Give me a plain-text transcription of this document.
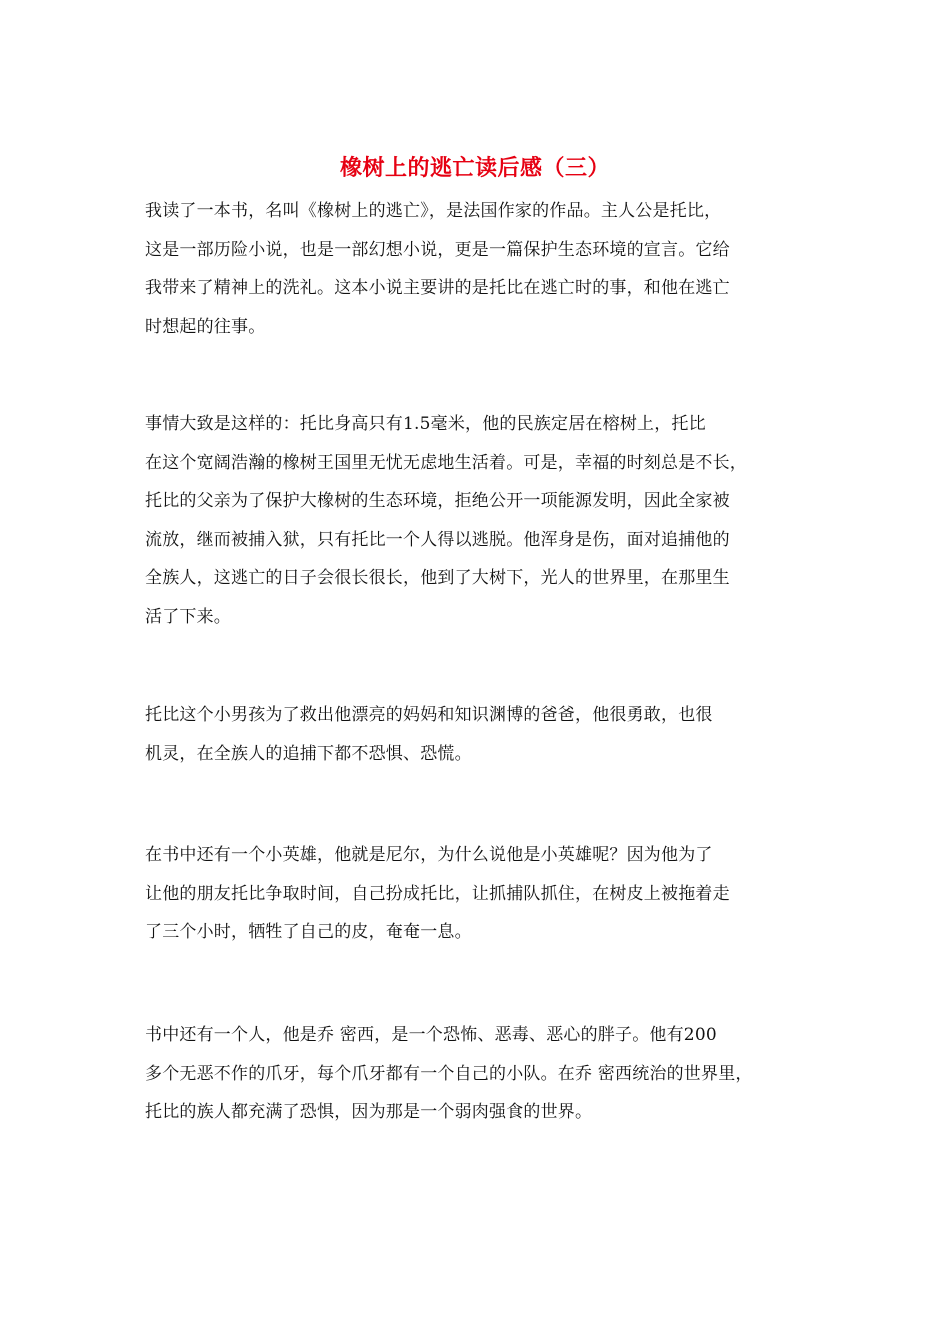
橡树上的逃亡读后感（三）

我读了一本书，名叫《橡树上的逃亡》，是法国作家的作品。主人公是托比，
这是一部历险小说，也是一部幻想小说，更是一篇保护生态环境的宣言。它给
我带来了精神上的洗礼。这本小说主要讲的是托比在逃亡时的事，和他在逃亡
时想起的往事。

事情大致是这样的：托比身高只有1.5毫米，他的民族定居在榕树上，托比
在这个宽阔浩瀚的橡树王国里无忧无虑地生活着。可是，幸福的时刻总是不长，
托比的父亲为了保护大橡树的生态环境，拒绝公开一项能源发明，因此全家被
流放，继而被捕入狱，只有托比一个人得以逃脱。他浑身是伤，面对追捕他的
全族人，这逃亡的日子会很长很长，他到了大树下，光人的世界里，在那里生
活了下来。

托比这个小男孩为了救出他漂亮的妈妈和知识渊博的爸爸，他很勇敢，也很
机灵，在全族人的追捕下都不恐惧、恐慌。

在书中还有一个小英雄，他就是尼尔，为什么说他是小英雄呢？因为他为了
让他的朋友托比争取时间，自己扮成托比，让抓捕队抓住，在树皮上被拖着走
了三个小时，牺牲了自己的皮，奄奄一息。

书中还有一个人，他是乔 密西，是一个恐怖、恶毒、恶心的胖子。他有200
多个无恶不作的爪牙，每个爪牙都有一个自己的小队。在乔 密西统治的世界里，
托比的族人都充满了恐惧，因为那是一个弱肉强食的世界。
